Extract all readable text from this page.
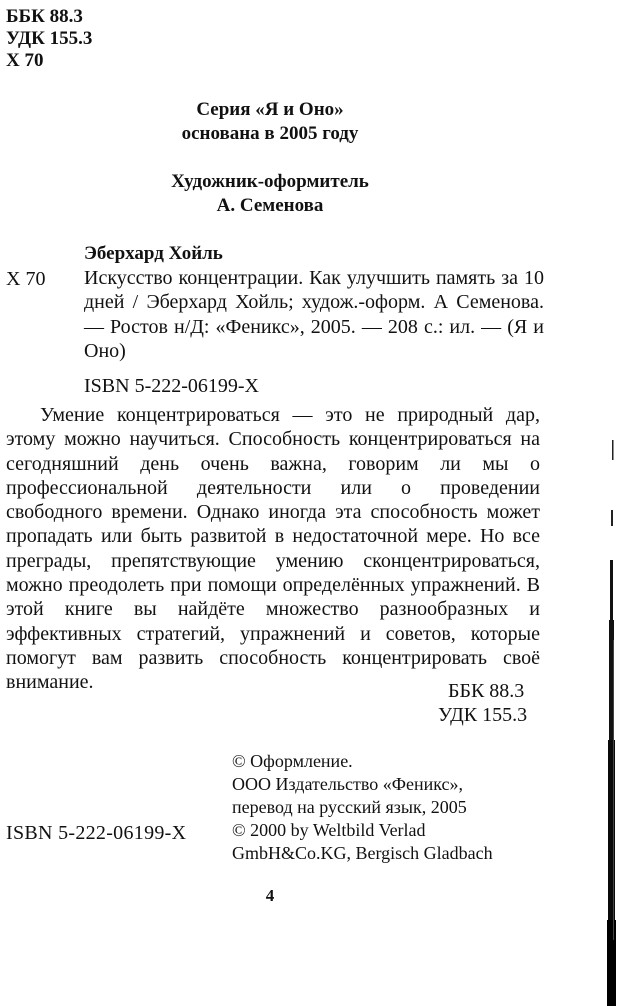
ББК 88.3
УДК 155.3
Х 70
Серия «Я и Оно»
основана в 2005 году
Художник-оформитель
А. Семенова
Эберхард Хойль
Х 70 Искусство концентрации. Как улучшить память за 10 дней / Эберхард Хойль; худож.-оформ. А Семенова. — Ростов н/Д: «Феникс», 2005. — 208 с.: ил. — (Я и Оно)
ISBN 5-222-06199-X
Умение концентрироваться — это не природный дар, этому можно научиться. Способность концентрироваться на сегодняшний день очень важна, говорим ли мы о профессиональной деятельности или о проведении свободного времени. Однако иногда эта способность может пропадать или быть развитой в недостаточной мере. Но все преграды, препятствующие умению сконцентрироваться, можно преодолеть при помощи определённых упражнений. В этой книге вы найдёте множество разнообразных и эффективных стратегий, упражнений и советов, которые помогут вам развить способность концентрировать своё внимание.	ББК 88.3
УДК 155.3
ISBN 5-222-06199-X
© Оформление.
ООО Издательство «Феникс»,
перевод на русский язык, 2005
© 2000 by Weltbild Verlad
GmbH&Co.KG, Bergisch Gladbach
4
